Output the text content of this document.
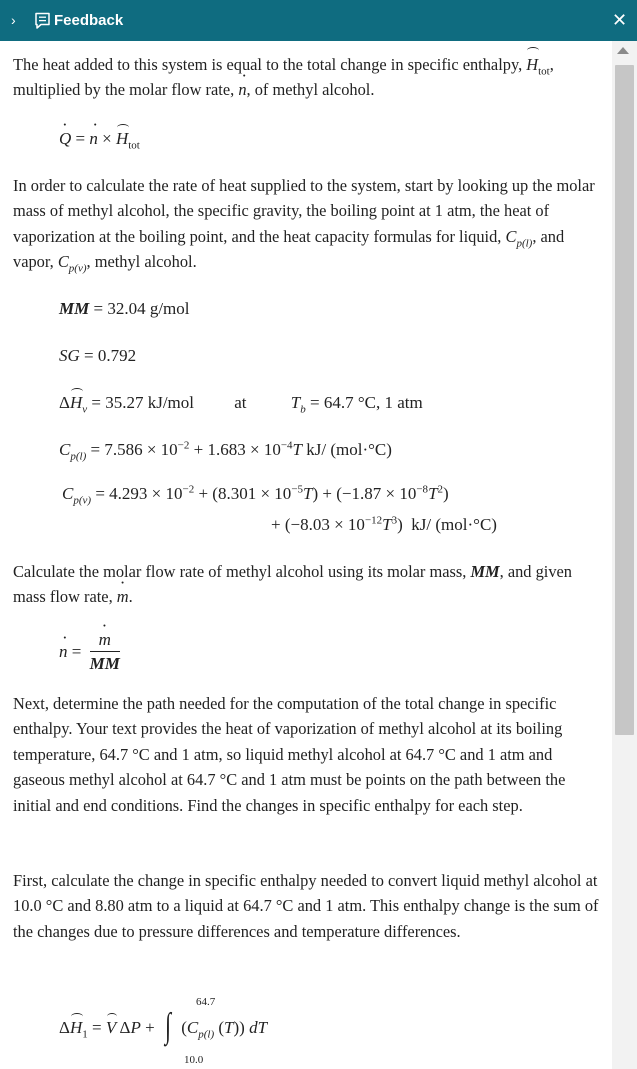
›	Feedback	✕

The heat added to this system is equal to the total change in specific enthalpy, $H_{tot}$, multiplied by the molar flow rate, · n, of methyl alcohol.

· Q = · $n \times H_{tot}$

In order to calculate the rate of heat supplied to the system, start by looking up the molar mass of methyl alcohol, the specific gravity, the boiling point at 1 atm, the heat of vaporization at the boiling point, and the heat capacity formulas for liquid, $C_{p(l)}$, and vapor, $C_{p(v)}$, methyl alcohol.

MM = 32.04 g/mol
SG = 0.792
$\Delta H_v = 35.27$ kJ/mol at	$T_b = 64.7$ °C, 1 atm
$C_{p(l)} = 7.586 \times 10^{-2} + 1.683 \times 10^{-4}T$ kJ/ (mol·°C)
$C_{p(v)} = 4.293 \times 10^{-2} + (8.301 \times 10^{-5}T) + (-1.87 \times 10^{-8}T^2)$
+ $(-8.03 \times 10^{-12}T^3)$  kJ/ (mol·°C)

Calculate the molar flow rate of methyl alcohol using its molar mass, MM, and given mass flow rate, · m.

· n =
· $\frac{m}{MM}$

Next, determine the path needed for the computation of the total change in specific enthalpy. Your text provides the heat of vaporization of methyl alcohol at its boiling temperature, 64.7 °C and 1 atm, so liquid methyl alcohol at 64.7 °C and 1 atm and gaseous methyl alcohol at 64.7 °C and 1 atm must be points on the path between the initial and end conditions. Find the changes in specific enthalpy for each step.

First, calculate the change in specific enthalpy needed to convert liquid methyl alcohol at 10.0 °C and 8.80 atm to a liquid at 64.7 °C and 1 atm. This enthalpy change is the sum of the changes due to pressure differences and temperature differences.

64.7
10.0
$\Delta H_1 = V$ ΔP + ∫ ($C_{p(l)}$ (T)) dT
